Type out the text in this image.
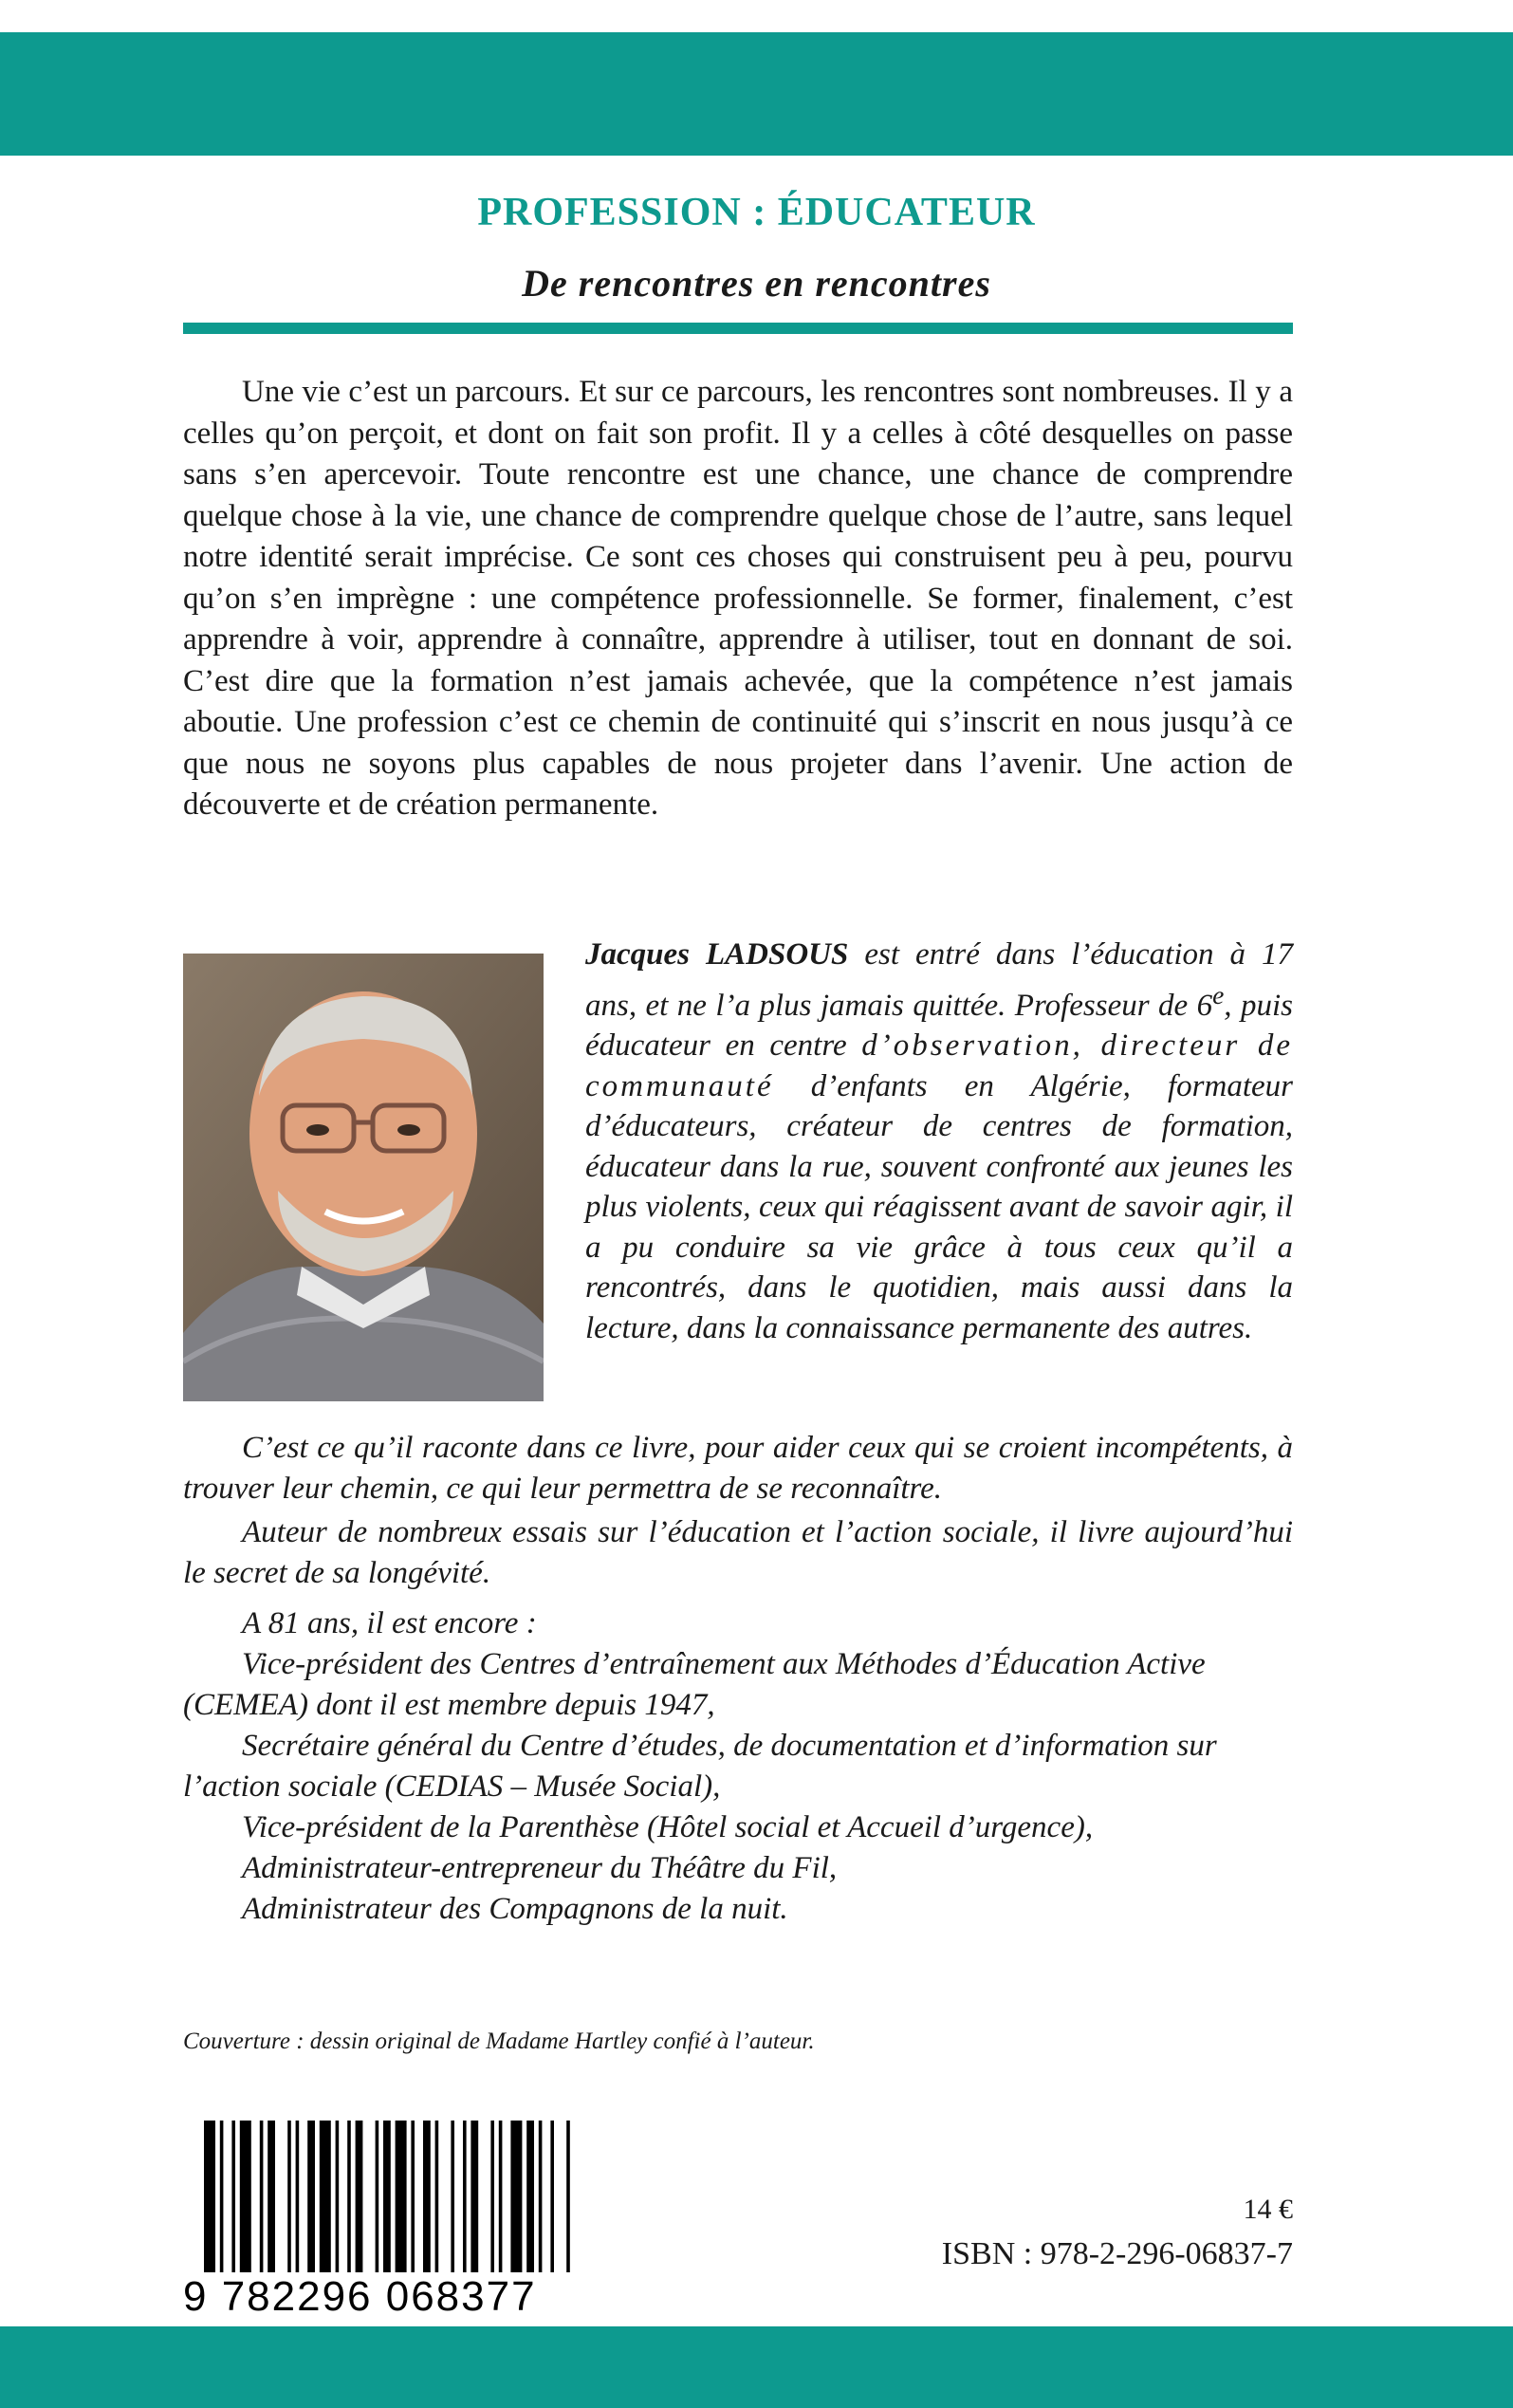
PROFESSION : ÉDUCATEUR
De rencontres en rencontres

Une vie c’est un parcours. Et sur ce parcours, les rencontres sont nombreuses. Il y a celles qu’on perçoit, et dont on fait son profit. Il y a celles à côté desquelles on passe sans s’en apercevoir. Toute rencontre est une chance, une chance de comprendre quelque chose à la vie, une chance de comprendre quelque chose de l’autre, sans lequel notre identité serait imprécise. Ce sont ces choses qui construisent peu à peu, pourvu qu’on s’en imprègne : une compétence professionnelle. Se former, finalement, c’est apprendre à voir, apprendre à connaître, apprendre à utiliser, tout en donnant de soi. C’est dire que la formation n’est jamais achevée, que la compétence n’est jamais aboutie. Une profession c’est ce chemin de continuité qui s’inscrit en nous jusqu’à ce que nous ne soyons plus capables de nous projeter dans l’avenir. Une action de découverte et de création permanente.

Jacques LADSOUS est entré dans l’éducation à 17 ans, et ne l’a plus jamais quittée. Professeur de 6e, puis éducateur en centre d’observation, directeur de communauté d’enfants en Algérie, formateur d’éducateurs, créateur de centres de formation, éducateur dans la rue, souvent confronté aux jeunes les plus violents, ceux qui réagissent avant de savoir agir, il a pu conduire sa vie grâce à tous ceux qu’il a rencontrés, dans le quotidien, mais aussi dans la lecture, dans la connaissance permanente des autres.

C’est ce qu’il raconte dans ce livre, pour aider ceux qui se croient incompétents, à trouver leur chemin, ce qui leur permettra de se reconnaître.

Auteur de nombreux essais sur l’éducation et l’action sociale, il livre aujourd’hui le secret de sa longévité.

A 81 ans, il est encore :

Vice-président des Centres d’entraînement aux Méthodes d’Éducation Active (CEMEA) dont il est membre depuis 1947,

Secrétaire général du Centre d’études, de documentation et d’information sur l’action sociale (CEDIAS – Musée Social),

Vice-président de la Parenthèse (Hôtel social et Accueil d’urgence),

Administrateur-entrepreneur du Théâtre du Fil,

Administrateur des Compagnons de la nuit.

Couverture : dessin original de Madame Hartley confié à l’auteur.
9 782296 068377
14 €
ISBN : 978-2-296-06837-7
